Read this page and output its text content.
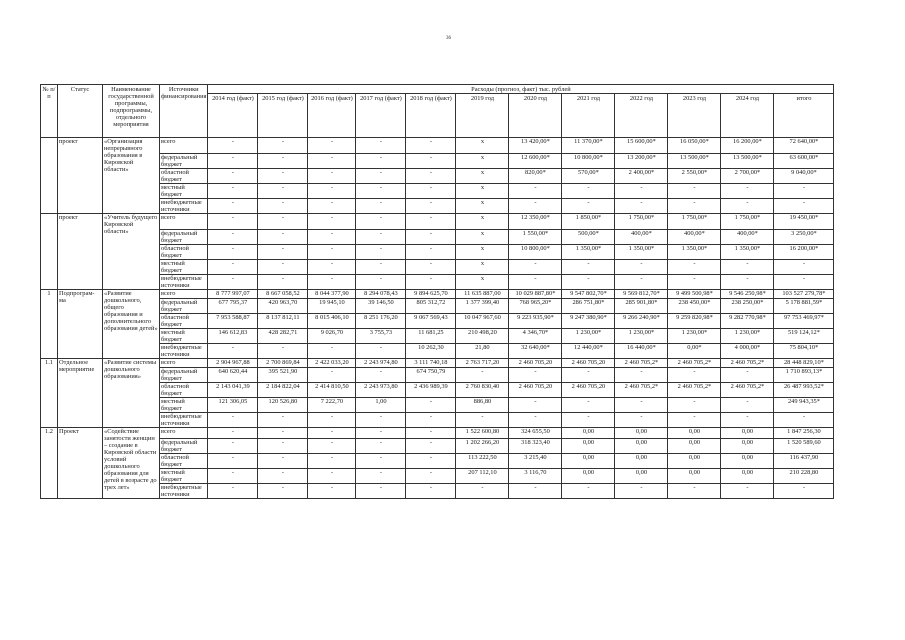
36
№ п/п	Статус	Наименование государственной программы, подпрограммы, отдельного мероприятия	Источники финансирования	Расходы (прогноз, факт) тыс. рублей											
				2014 год (факт)	2015 год (факт)	2016 год (факт)	2017 год (факт)	2018 год (факт)	2019 год	2020 год	2021 год	2022 год	2023 год	2024 год	итого
	проект	«Организация непрерывного образования в Кировской области»	всего	-	-	-	-	-	x	13 420,00*	11 370,00*	15 600,00*	16 050,00*	16 200,00*	72 640,00*
			федеральный бюджет	-	-	-	-	-	x	12 600,00*	10 800,00*	13 200,00*	13 500,00*	13 500,00*	63 600,00*
			областной бюджет	-	-	-	-	-	x	820,00*	570,00*	2 400,00*	2 550,00*	2 700,00*	9 040,00*
			местный бюджет	-	-	-	-	-	x	-	-	-	-	-	-
			внебюджетные источники	-	-	-	-	-	x	-	-	-	-	-	-
	проект	«Учитель будущего Кировской области»	всего	-	-	-	-	-	x	12 350,00*	1 850,00*	1 750,00*	1 750,00*	1 750,00*	19 450,00*
			федеральный бюджет	-	-	-	-	-	x	1 550,00*	500,00*	400,00*	400,00*	400,00*	3 250,00*
			областной бюджет	-	-	-	-	-	x	10 800,00*	1 350,00*	1 350,00*	1 350,00*	1 350,00*	16 200,00*
			местный бюджет	-	-	-	-	-	x	-	-	-	-	-	-
			внебюджетные источники	-	-	-	-	-	x	-	-	-	-	-	-
1	Подпрограм-ма	«Развитие дошкольного, общего образования и дополнительного образования детей»	всего	8 777 997,07	8 667 058,52	8 044 377,90	8 294 078,43	9 894 625,70	11 635 887,00	10 029 887,80*	9 547 802,70*	9 569 812,70*	9 499 500,98*	9 546 250,98*	103 527 279,78*
			федеральный бюджет	677 795,37	420 963,70	19 945,10	39 146,50	805 312,72	1 377 399,40	768 965,20*	286 751,80*	285 901,80*	238 450,00*	238 250,00*	5 178 881,59*
			областной бюджет	7 953 588,87	8 137 812,11	8 015 406,10	8 251 176,20	9 067 569,43	10 047 967,60	9 223 935,90*	9 247 380,90*	9 266 240,90*	9 259 820,98*	9 282 770,98*	97 753 469,97*
			местный бюджет	146 612,83	428 282,71	9 026,70	3 755,73	11 681,25	210 498,20	4 346,70*	1 230,00*	1 230,00*	1 230,00*	1 230,00*	519 124,12*
			внебюджетные источники	-	-	-	-	10 262,30	21,80	32 640,00*	12 440,00*	16 440,00*	0,00*	4 000,00*	75 804,10*
1.1	Отдельное мероприятие	«Развитие системы дошкольного образования»	всего	2 904 967,88	2 700 869,84	2 422 033,20	2 243 974,80	3 111 740,18	2 763 717,20	2 460 705,20	2 460 705,20	2 460 705,2*	2 460 705,2*	2 460 705,2*	28 448 829,10*
			федеральный бюджет	640 620,44	395 521,90	-	-	674 750,79	-	-	-	-	-	-	1 710 893,13*
			областной бюджет	2 143 041,39	2 184 822,04	2 414 810,50	2 243 973,80	2 436 989,39	2 760 830,40	2 460 705,20	2 460 705,20	2 460 705,2*	2 460 705,2*	2 460 705,2*	26 487 993,52*
			местный бюджет	121 306,05	120 526,80	7 222,70	1,00	-	886,80	-	-	-	-	-	249 943,35*
			внебюджетные источники	-	-	-	-	-	-	-	-	-	-	-	-
1.2	Проект	«Содействие занятости женщин – создание в Кировской области условий дошкольного образования для детей в возрасте до трех лет»	всего	-	-	-	-	-	1 522 600,80	324 655,50	0,00	0,00	0,00	0,00	1 847 256,30
			федеральный бюджет	-	-	-	-	-	1 202 266,20	318 323,40	0,00	0,00	0,00	0,00	1 520 589,60
			областной бюджет	-	-	-	-	-	113 222,50	3 215,40	0,00	0,00	0,00	0,00	116 437,90
			местный бюджет	-	-	-	-	-	207 112,10	3 116,70	0,00	0,00	0,00	0,00	210 228,80
			внебюджетные источники	-	-	-	-	-	-	-	-	-	-	-	-
